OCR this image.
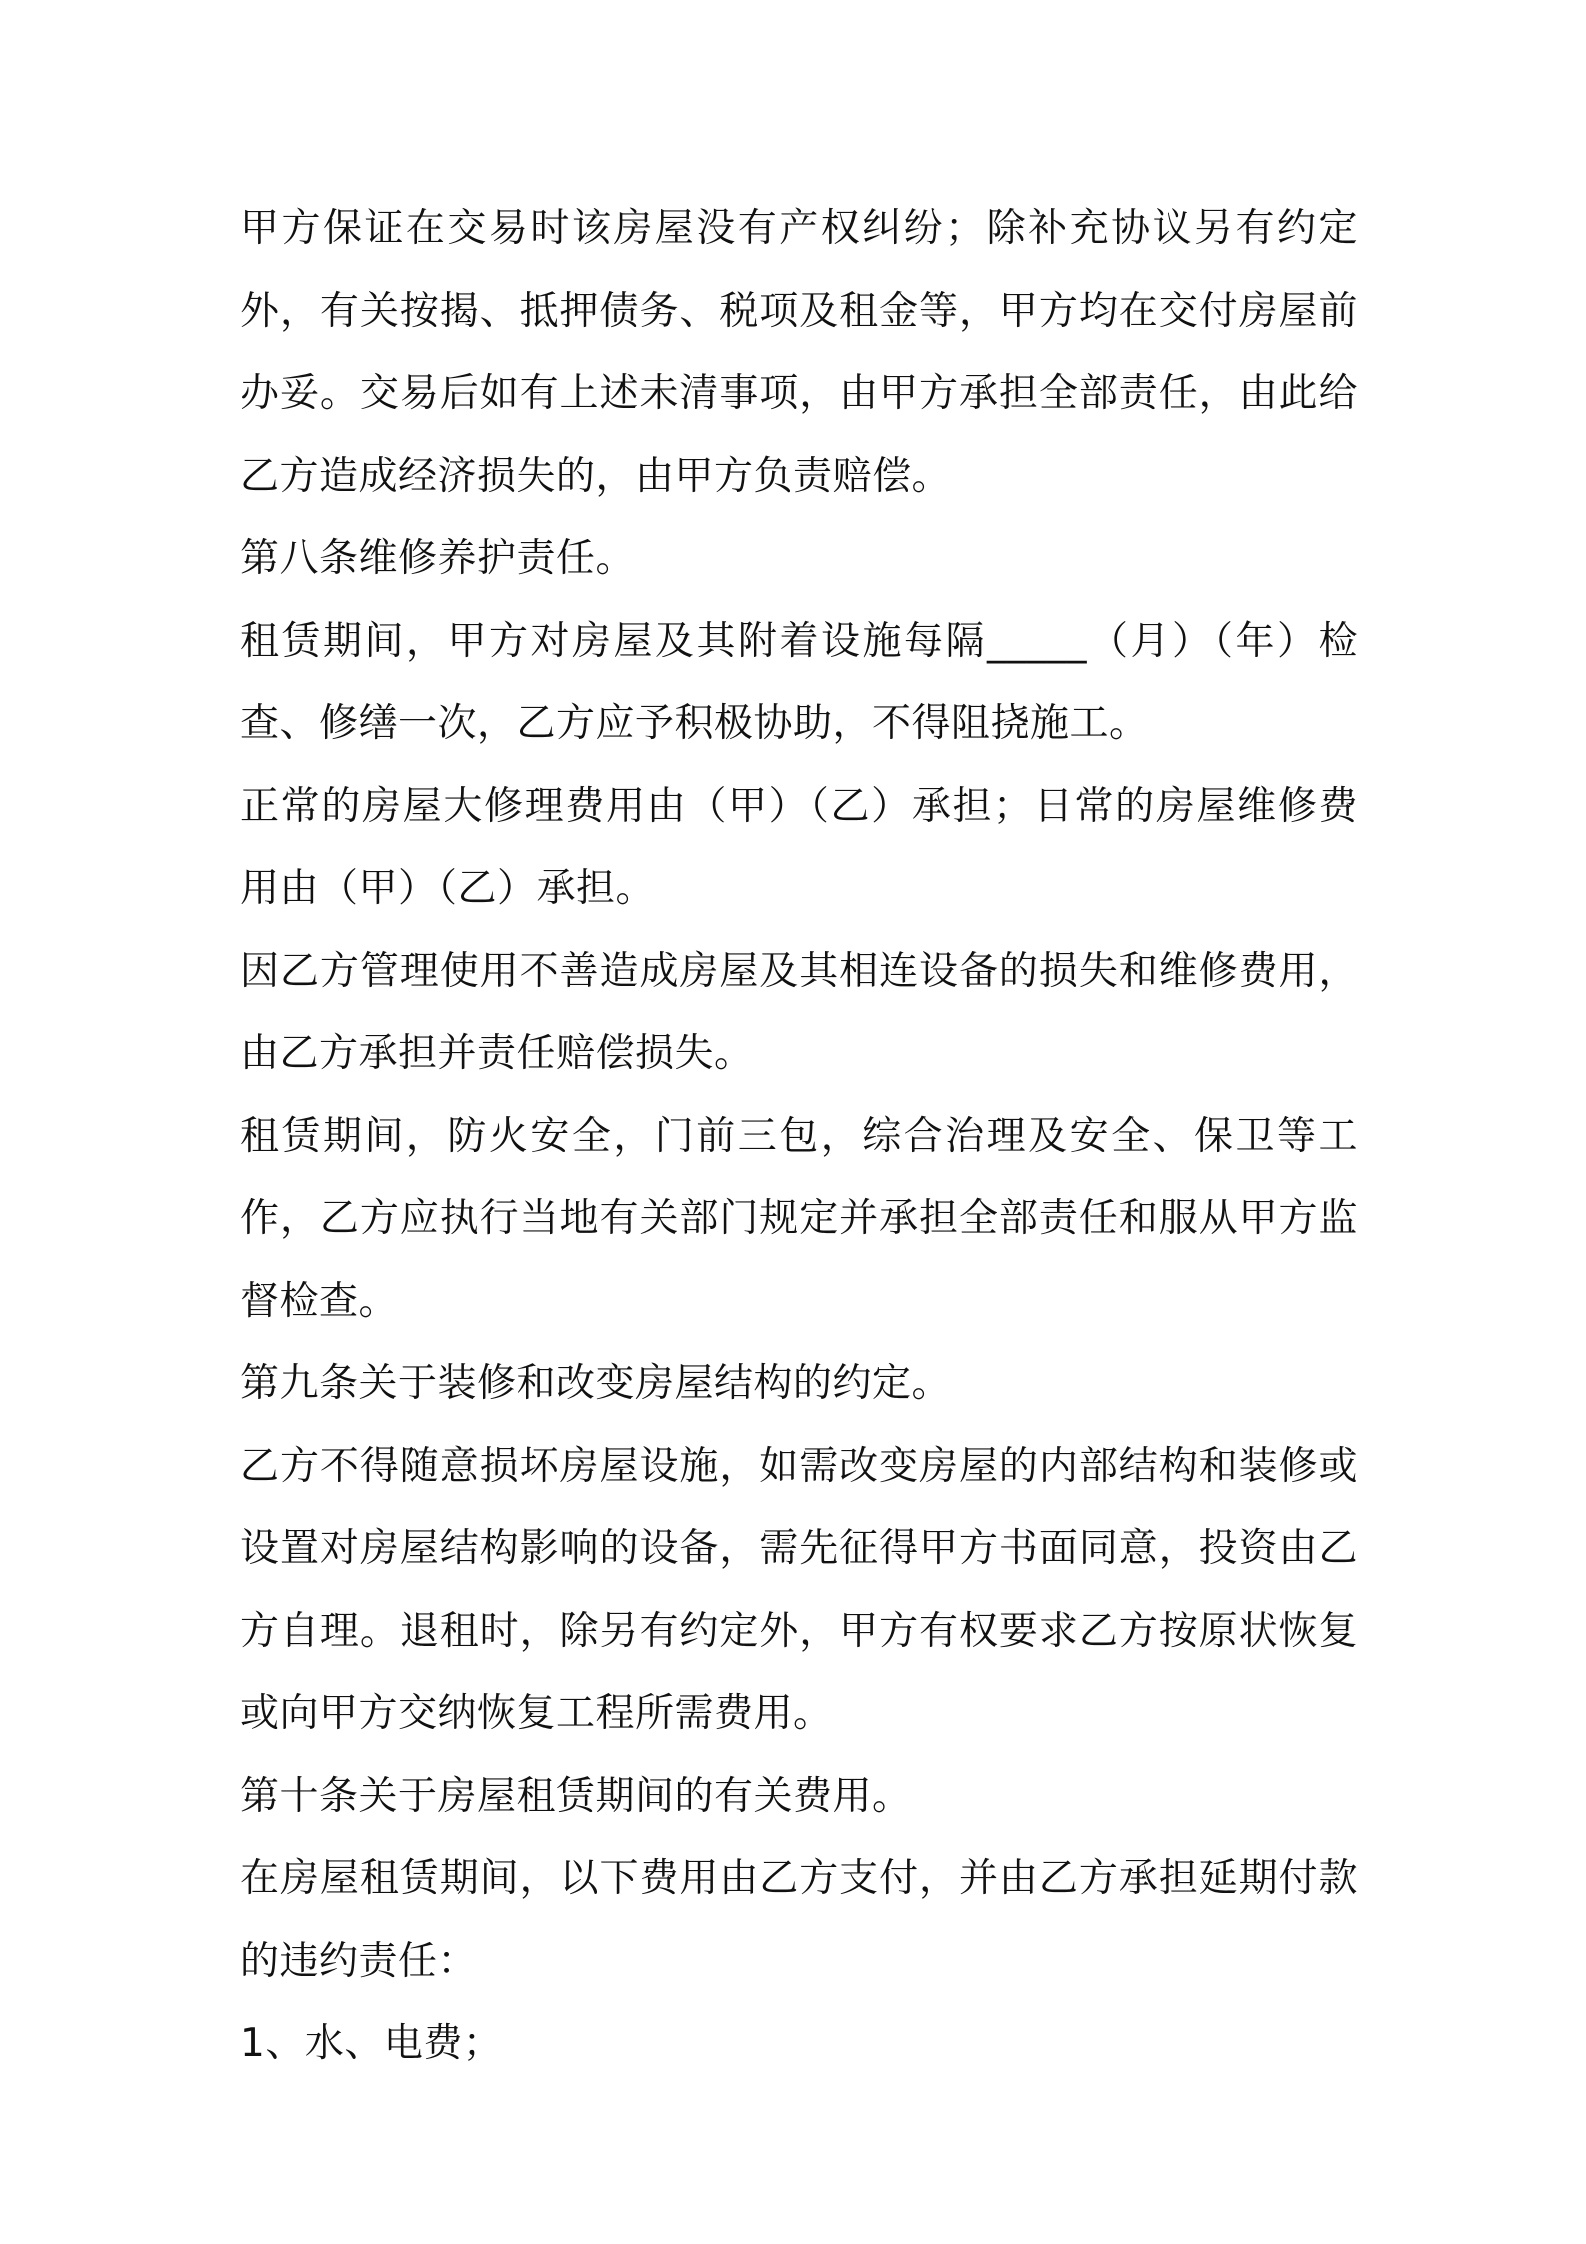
甲方保证在交易时该房屋没有产权纠纷；除补充协议另有约定外，有关按揭、抵押债务、税项及租金等，甲方均在交付房屋前办妥。交易后如有上述未清事项，由甲方承担全部责任，由此给乙方造成经济损失的，由甲方负责赔偿。

第八条维修养护责任。

租赁期间，甲方对房屋及其附着设施每隔_____（月）（年）检查、修缮一次，乙方应予积极协助，不得阻挠施工。

正常的房屋大修理费用由（甲）（乙）承担；日常的房屋维修费用由（甲）（乙）承担。

因乙方管理使用不善造成房屋及其相连设备的损失和维修费用，由乙方承担并责任赔偿损失。

租赁期间，防火安全，门前三包，综合治理及安全、保卫等工作，乙方应执行当地有关部门规定并承担全部责任和服从甲方监督检查。

第九条关于装修和改变房屋结构的约定。

乙方不得随意损坏房屋设施，如需改变房屋的内部结构和装修或设置对房屋结构影响的设备，需先征得甲方书面同意，投资由乙方自理。退租时，除另有约定外，甲方有权要求乙方按原状恢复或向甲方交纳恢复工程所需费用。

第十条关于房屋租赁期间的有关费用。

在房屋租赁期间，以下费用由乙方支付，并由乙方承担延期付款的违约责任：

1、水、电费；
